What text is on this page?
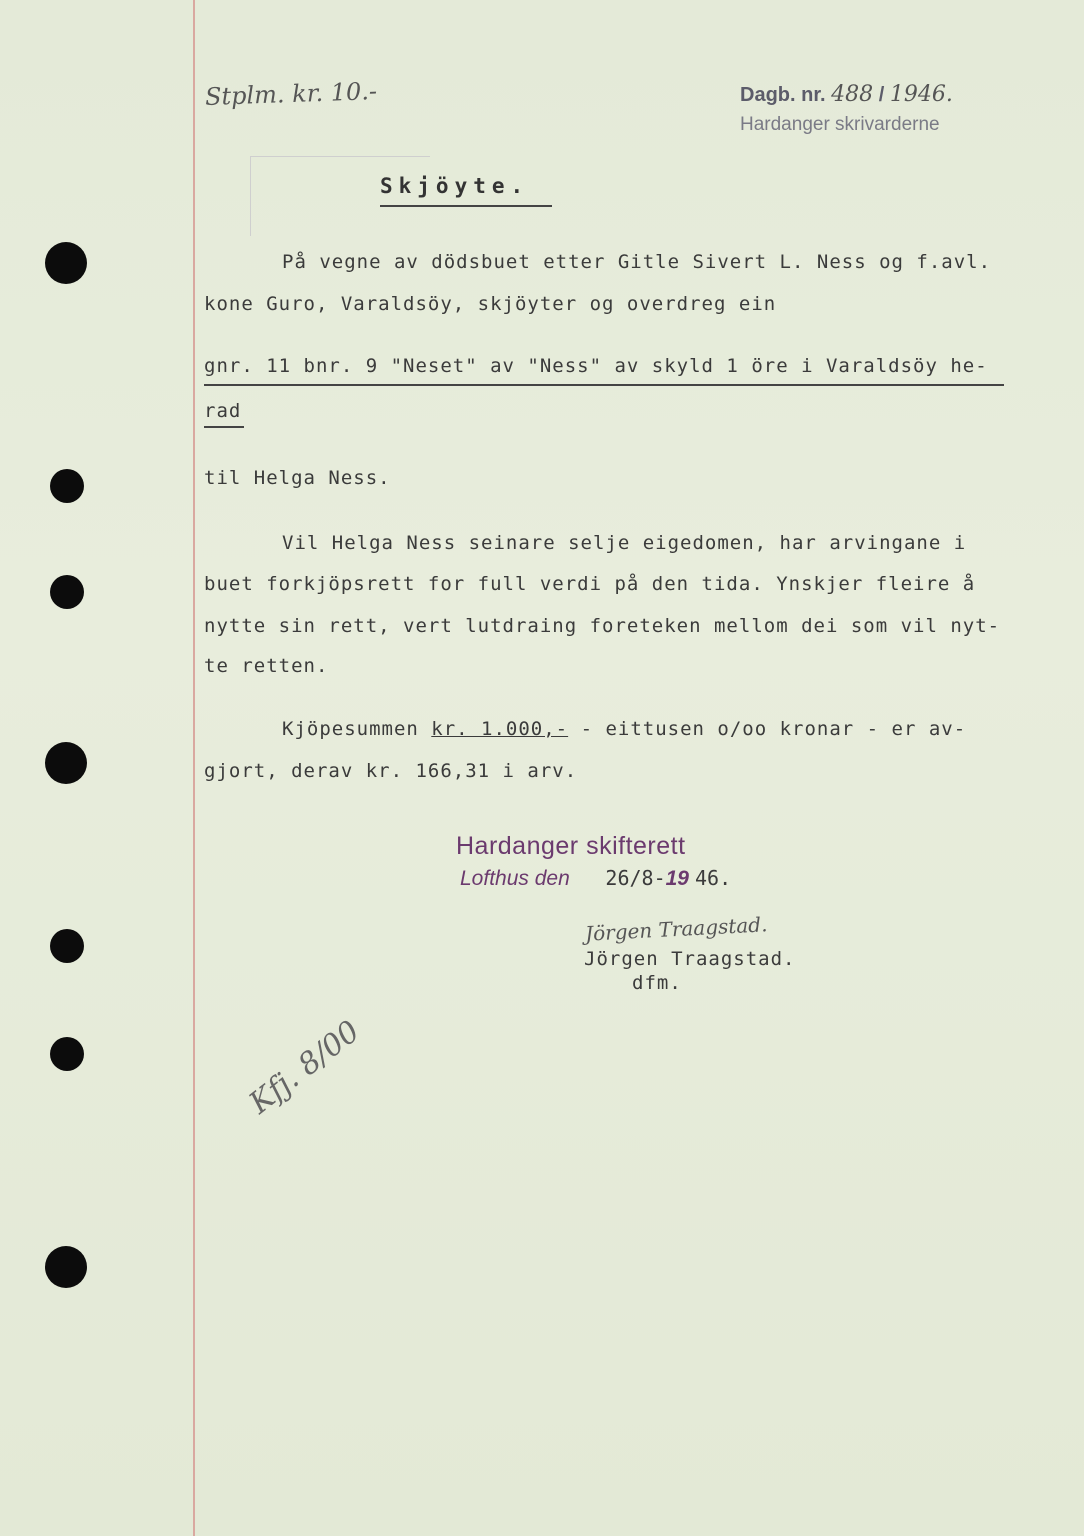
Stplm. kr. 10.-	Dagb. nr. 488 / 1946.
Hardanger skrivarderne
Skjöyte.
På vegne av dödsbuet etter Gitle Sivert L. Ness og f.avl.
kone Guro, Varaldsöy, skjöyter og overdreg ein
gnr. 11 bnr. 9 "Neset" av "Ness" av skyld 1 öre i Varaldsöy he-
rad
til Helga Ness.
Vil Helga Ness seinare selje eigedomen, har arvingane i
buet forkjöpsrett for full verdi på den tida. Ynskjer fleire å
nytte sin rett, vert lutdraing foreteken mellom dei som vil nyt-
te retten.
Kjöpesummen kr. 1.000,- - eittusen o/oo kronar - er av-
gjort, derav kr. 166,31 i arv.
Hardanger skifterett
Lofthus den 26/8-19 46.
Jörgen Traagstad.
Jörgen Traagstad.
dfm.
Kfj. 8/00
